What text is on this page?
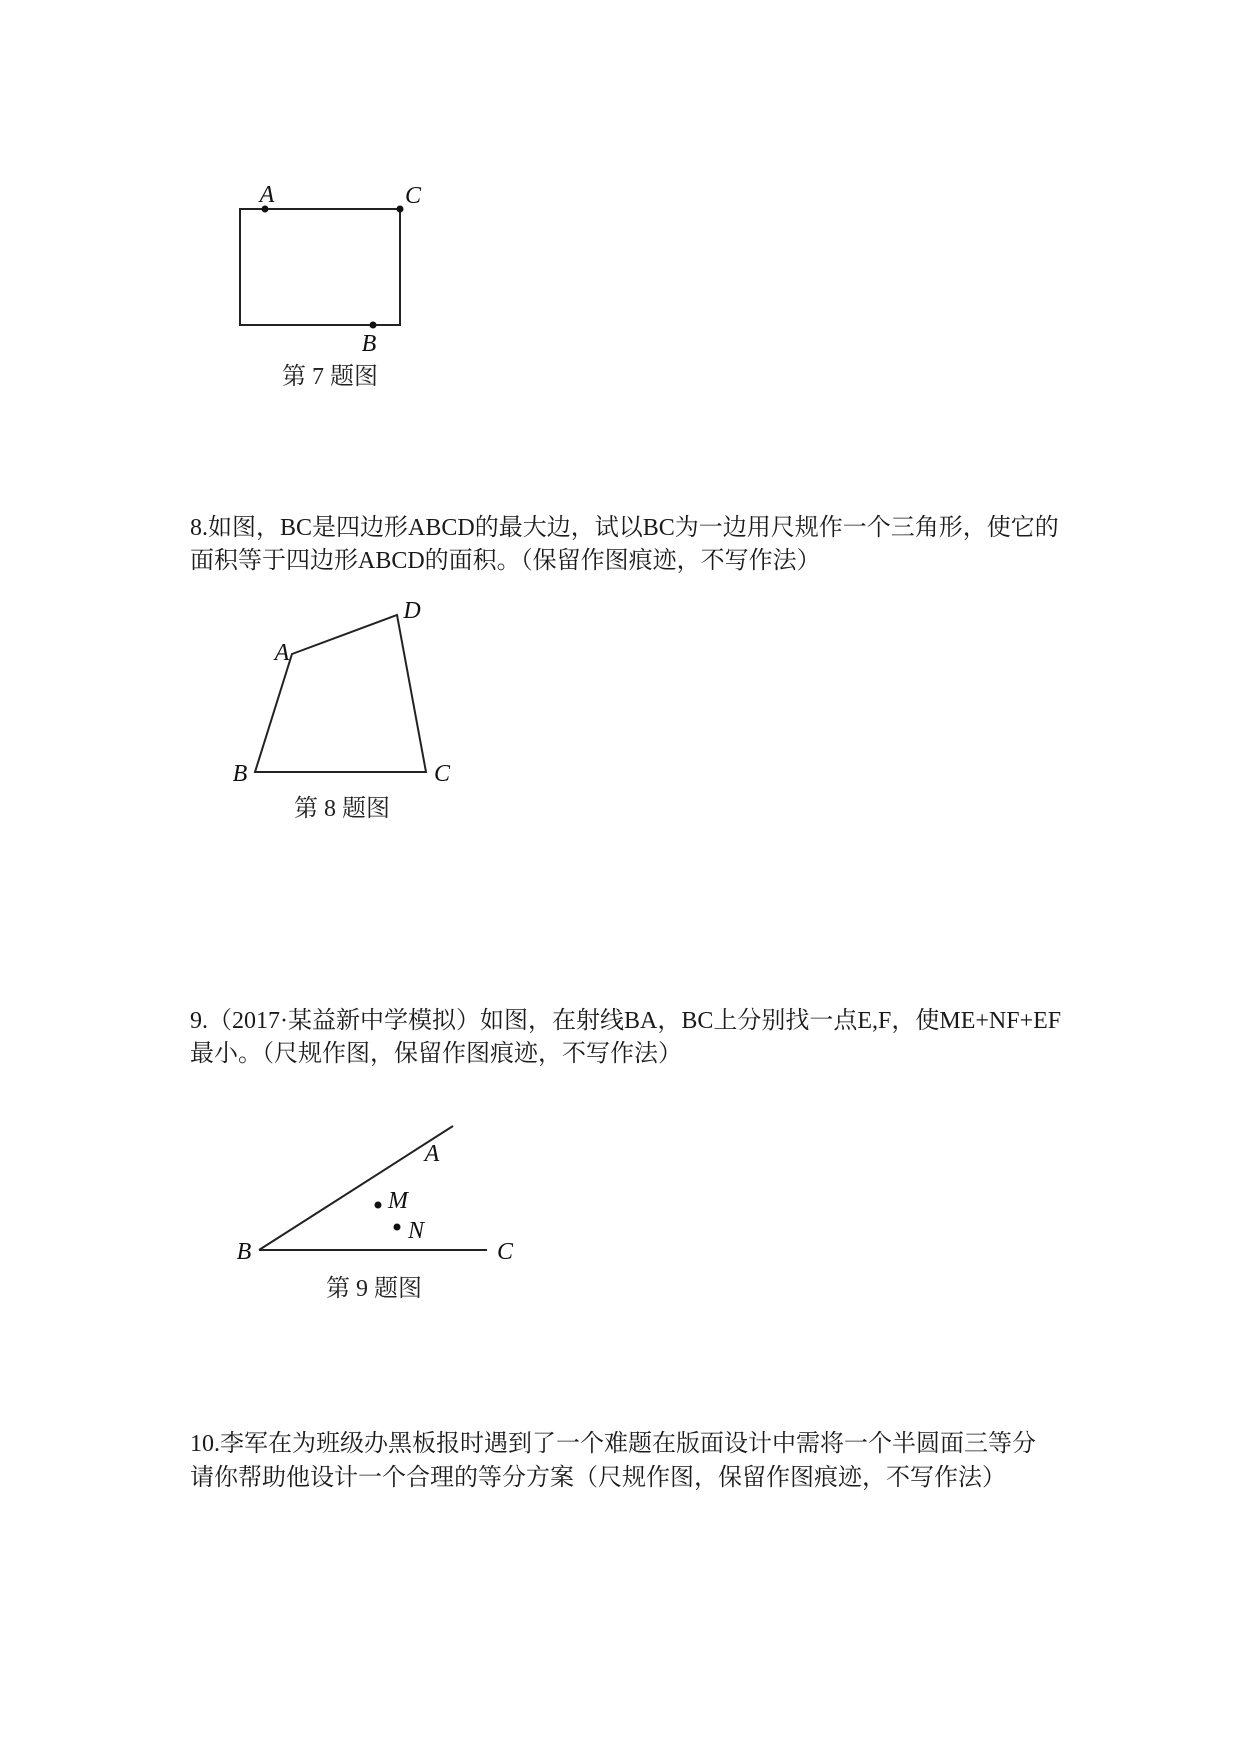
A	C
B
第 7 题图
A
D
B	C
第 8 题图
A
M
N
B	C
第 9 题图
8.如图，BC是四边形ABCD的最大边，试以BC为一边用尺规作一个三角形，使它的
面积等于四边形ABCD的面积。（保留作图痕迹，不写作法）
9.（2017·某益新中学模拟）如图，在射线BA，BC上分别找一点E,F，使ME+NF+EF
最小。（尺规作图，保留作图痕迹，不写作法）
10.李军在为班级办黑板报时遇到了一个难题在版面设计中需将一个半圆面三等分
请你帮助他设计一个合理的等分方案（尺规作图，保留作图痕迹，不写作法）
